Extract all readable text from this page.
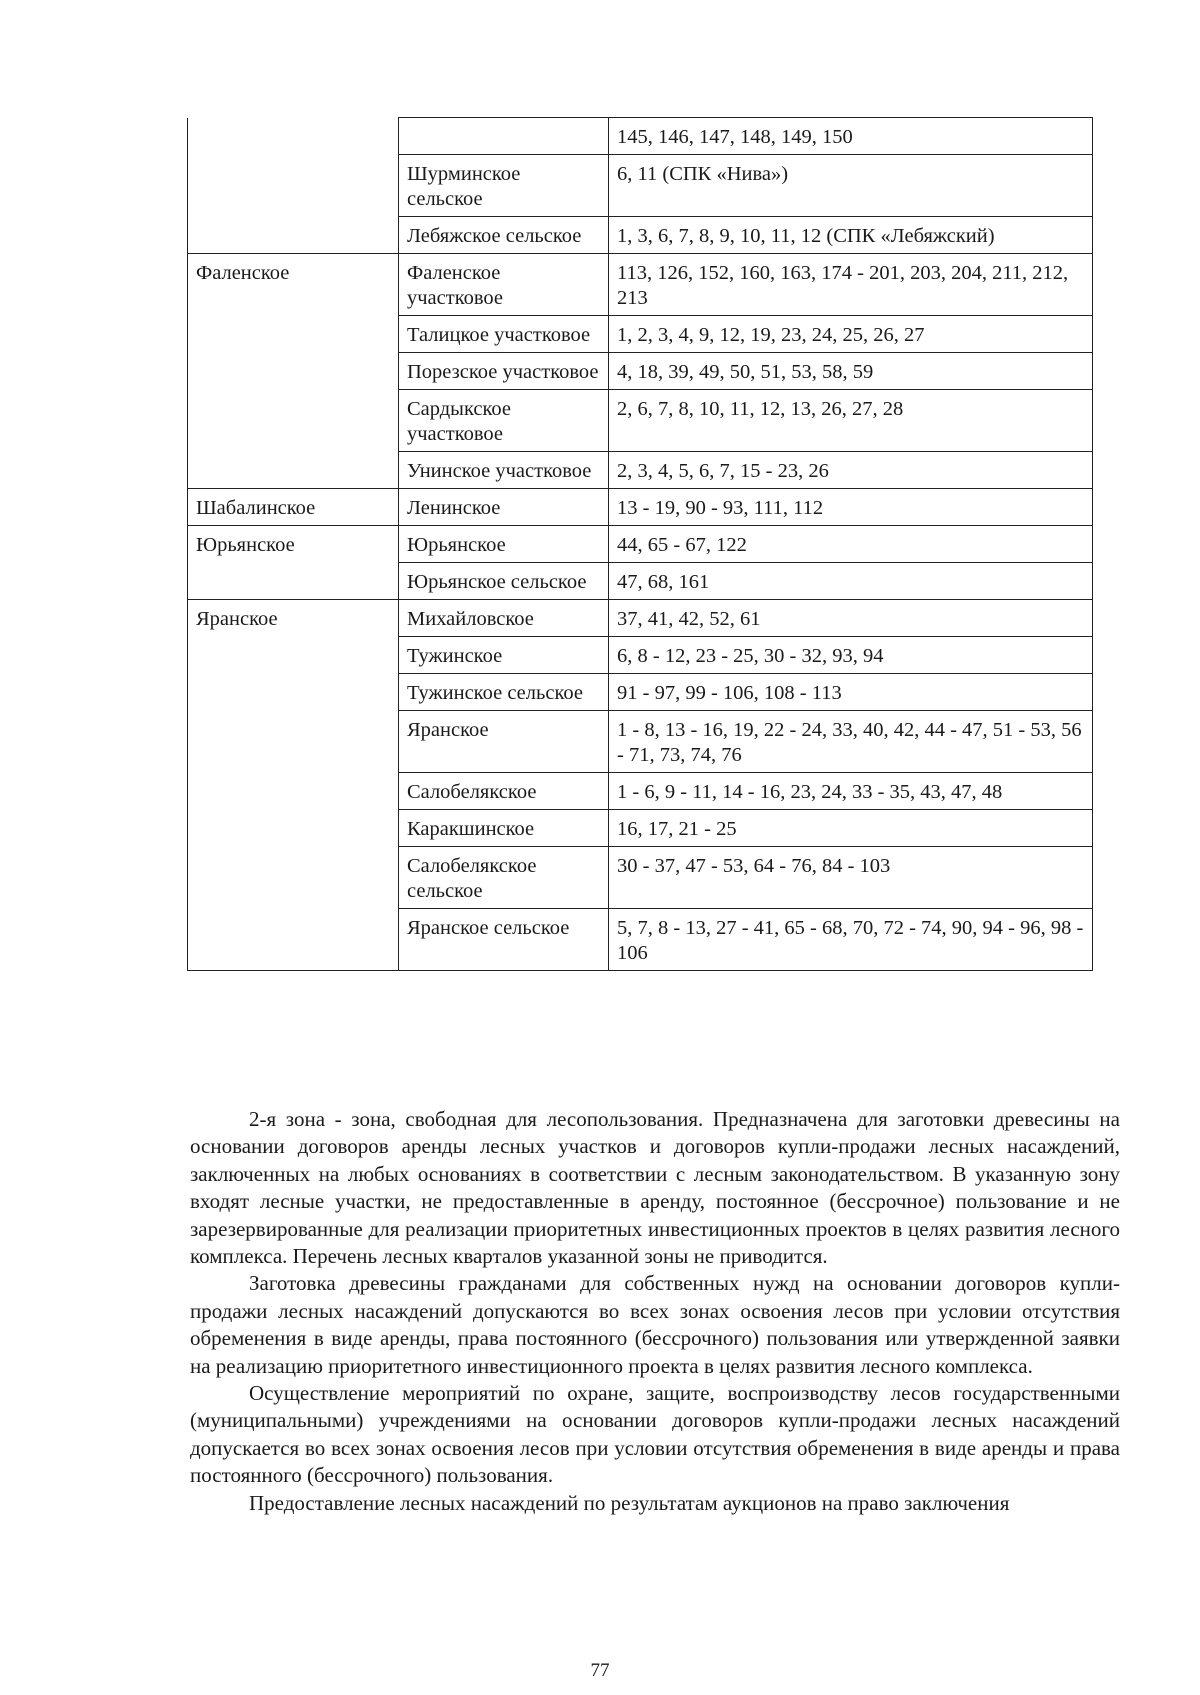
		145, 146, 147, 148, 149, 150
	Шурминское сельское	6, 11 (СПК «Нива»)
	Лебяжское сельское	1, 3, 6, 7, 8, 9, 10, 11, 12 (СПК «Лебяжский)
Фаленское	Фаленское участковое	113, 126, 152, 160, 163, 174 - 201, 203, 204, 211, 212, 213
	Талицкое участковое	1, 2, 3, 4, 9, 12, 19, 23, 24, 25, 26, 27
	Порезское участковое	4, 18, 39, 49, 50, 51, 53, 58, 59
	Сардыкское участковое	2, 6, 7, 8, 10, 11, 12, 13, 26, 27, 28
	Унинское участковое	2, 3, 4, 5, 6, 7, 15 - 23, 26
Шабалинское	Ленинское	13 - 19, 90 - 93, 111, 112
Юрьянское	Юрьянское	44, 65 - 67, 122
	Юрьянское сельское	47, 68, 161
Яранское	Михайловское	37, 41, 42, 52, 61
	Тужинское	6, 8 - 12, 23 - 25, 30 - 32, 93, 94
	Тужинское сельское	91 - 97, 99 - 106, 108 - 113
	Яранское	1 - 8, 13 - 16, 19, 22 - 24, 33, 40, 42, 44 - 47, 51 - 53, 56 - 71, 73, 74, 76
	Салобелякское	1 - 6, 9 - 11, 14 - 16, 23, 24, 33 - 35, 43, 47, 48
	Каракшинское	16, 17, 21 - 25
	Салобелякское сельское	30 - 37, 47 - 53, 64 - 76, 84 - 103
	Яранское сельское	5, 7, 8 - 13, 27 - 41, 65 - 68, 70, 72 - 74, 90, 94 - 96, 98 - 106

2-я зона - зона, свободная для лесопользования. Предназначена для заготовки древесины на основании договоров аренды лесных участков и договоров купли-продажи лесных насаждений, заключенных на любых основаниях в соответствии с лесным законодательством. В указанную зону входят лесные участки, не предоставленные в аренду, постоянное (бессрочное) пользование и не зарезервированные для реализации приоритетных инвестиционных проектов в целях развития лесного комплекса. Перечень лесных кварталов указанной зоны не приводится.

Заготовка древесины гражданами для собственных нужд на основании договоров купли-продажи лесных насаждений допускаются во всех зонах освоения лесов при условии отсутствия обременения в виде аренды, права постоянного (бессрочного) пользования или утвержденной заявки на реализацию приоритетного инвестиционного проекта в целях развития лесного комплекса.

Осуществление мероприятий по охране, защите, воспроизводству лесов государственными (муниципальными) учреждениями на основании договоров купли-продажи лесных насаждений допускается во всех зонах освоения лесов при условии отсутствия обременения в виде аренды и права постоянного (бессрочного) пользования.

Предоставление лесных насаждений по результатам аукционов на право заключения

77
